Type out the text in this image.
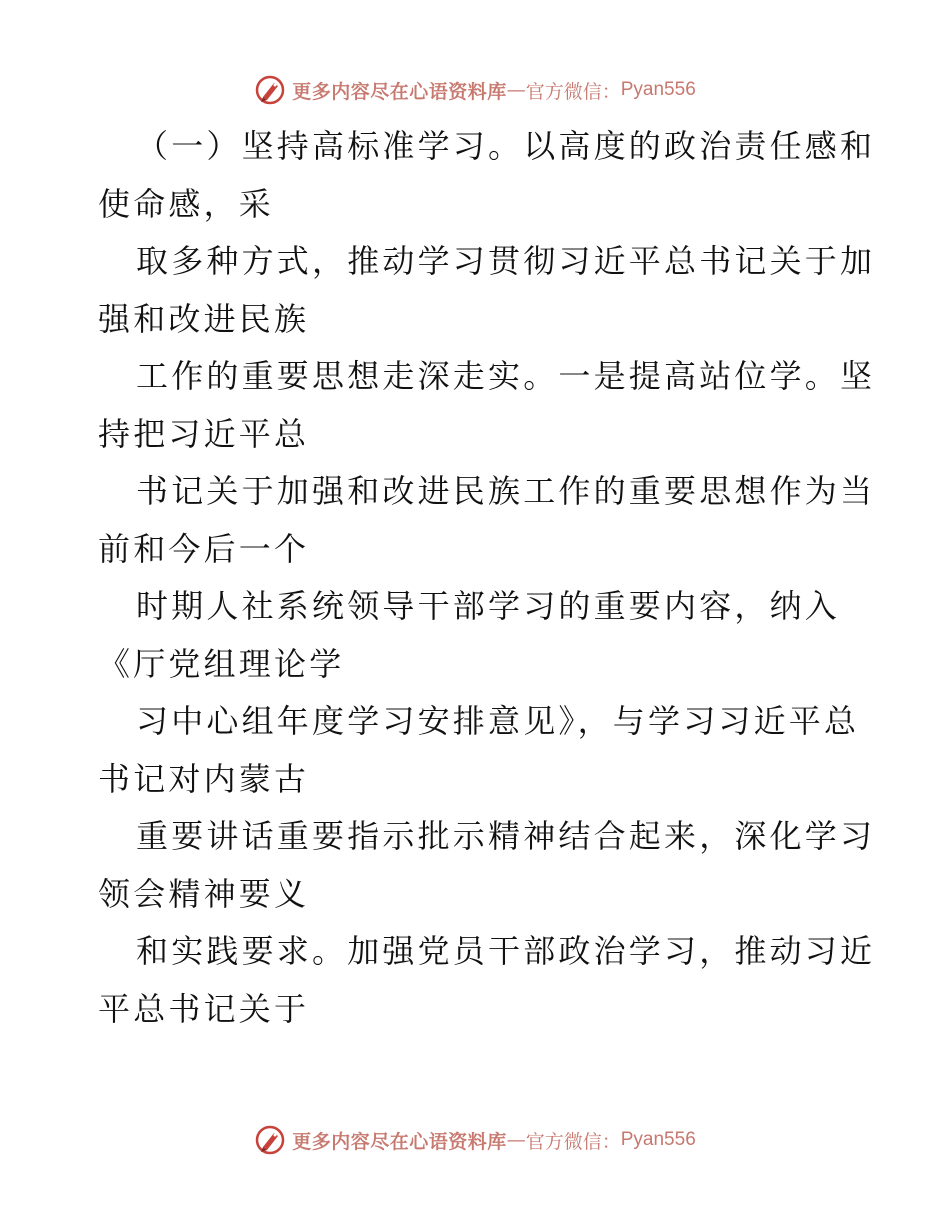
更多内容尽在心语资料库 — 官方微信： Pyan556
（一）坚持高标准学习。以高度的政治责任感和
使命感，采
取多种方式，推动学习贯彻习近平总书记关于加
强和改进民族
工作的重要思想走深走实。一是提高站位学。坚
持把习近平总
书记关于加强和改进民族工作的重要思想作为当
前和今后一个
时期人社系统领导干部学习的重要内容，纳入
《厅党组理论学
习中心组年度学习安排意见》，与学习习近平总
书记对内蒙古
重要讲话重要指示批示精神结合起来，深化学习
领会精神要义
和实践要求。加强党员干部政治学习，推动习近
平总书记关于
更多内容尽在心语资料库 — 官方微信： Pyan556
